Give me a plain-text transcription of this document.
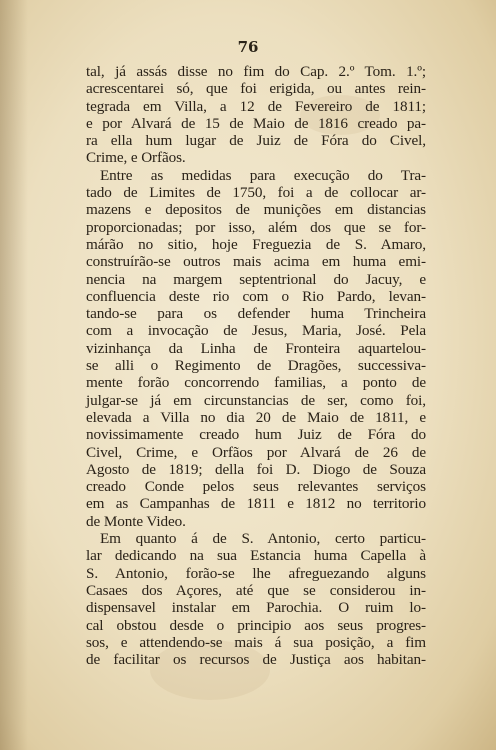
76
tal, já assás disse no fim do Cap. 2.º Tom. 1.º;
acrescentarei só, que foi erigida, ou antes rein-
tegrada em Villa, a 12 de Fevereiro de 1811;
e por Alvará de 15 de Maio de 1816 creado pa-
ra ella hum lugar de Juiz de Fóra do Civel,
Crime, e Orfãos.
Entre as medidas para execução do Tra-
tado de Limites de 1750, foi a de collocar ar-
mazens e depositos de munições em distancias
proporcionadas; por isso, além dos que se for-
márão no sitio, hoje Freguezia de S. Amaro,
construírão-se outros mais acima em huma emi-
nencia na margem septentrional do Jacuy, e
confluencia deste rio com o Rio Pardo, levan-
tando-se para os defender huma Trincheira
com a invocação de Jesus, Maria, José. Pela
vizinhança da Linha de Fronteira aquartelou-
se alli o Regimento de Dragões, successiva-
mente forão concorrendo familias, a ponto de
julgar-se já em circunstancias de ser, como foi,
elevada a Villa no dia 20 de Maio de 1811, e
novissimamente creado hum Juiz de Fóra do
Civel, Crime, e Orfãos por Alvará de 26 de
Agosto de 1819; della foi D. Diogo de Souza
creado Conde pelos seus relevantes serviços
em as Campanhas de 1811 e 1812 no territorio
de Monte Video.
Em quanto á de S. Antonio, certo particu-
lar dedicando na sua Estancia huma Capella à
S. Antonio, forão-se lhe afreguezando alguns
Casaes dos Açores, até que se considerou in-
dispensavel instalar em Parochia. O ruim lo-
cal obstou desde o principio aos seus progres-
sos, e attendendo-se mais á sua posição, a fim
de facilitar os recursos de Justiça aos habitan-
